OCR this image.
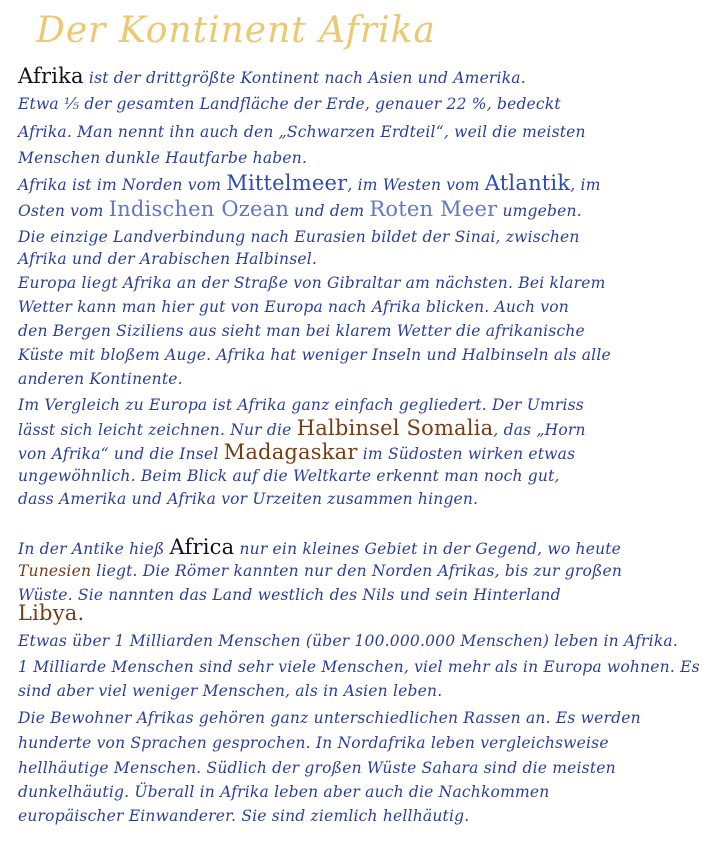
Der Kontinent Afrika
Afrika ist der drittgrößte Kontinent nach Asien und Amerika.
Etwa ⅕ der gesamten Landfläche der Erde, genauer 22 %, bedeckt
Afrika. Man nennt ihn auch den „Schwarzen Erdteil“, weil die meisten
Menschen dunkle Hautfarbe haben.
Afrika ist im Norden vom Mittelmeer, im Westen vom Atlantik, im
Osten vom Indischen Ozean und dem Roten Meer umgeben.
Die einzige Landverbindung nach Eurasien bildet der Sinai, zwischen
Afrika und der Arabischen Halbinsel.
Europa liegt Afrika an der Straße von Gibraltar am nächsten. Bei klarem
Wetter kann man hier gut von Europa nach Afrika blicken. Auch von
den Bergen Siziliens aus sieht man bei klarem Wetter die afrikanische
Küste mit bloßem Auge. Afrika hat weniger Inseln und Halbinseln als alle
anderen Kontinente.
Im Vergleich zu Europa ist Afrika ganz einfach gegliedert. Der Umriss
lässt sich leicht zeichnen. Nur die Halbinsel Somalia, das „Horn
von Afrika“ und die Insel Madagaskar im Südosten wirken etwas
ungewöhnlich. Beim Blick auf die Weltkarte erkennt man noch gut,
dass Amerika und Afrika vor Urzeiten zusammen hingen.
In der Antike hieß Africa nur ein kleines Gebiet in der Gegend, wo heute
Tunesien liegt. Die Römer kannten nur den Norden Afrikas, bis zur großen
Wüste. Sie nannten das Land westlich des Nils und sein Hinterland
Libya.
Etwas über 1 Milliarden Menschen (über 100.000.000 Menschen) leben in Afrika.
1 Milliarde Menschen sind sehr viele Menschen, viel mehr als in Europa wohnen. Es
sind aber viel weniger Menschen, als in Asien leben.
Die Bewohner Afrikas gehören ganz unterschiedlichen Rassen an. Es werden
hunderte von Sprachen gesprochen. In Nordafrika leben vergleichsweise
hellhäutige Menschen. Südlich der großen Wüste Sahara sind die meisten
dunkelhäutig. Überall in Afrika leben aber auch die Nachkommen
europäischer Einwanderer. Sie sind ziemlich hellhäutig.
